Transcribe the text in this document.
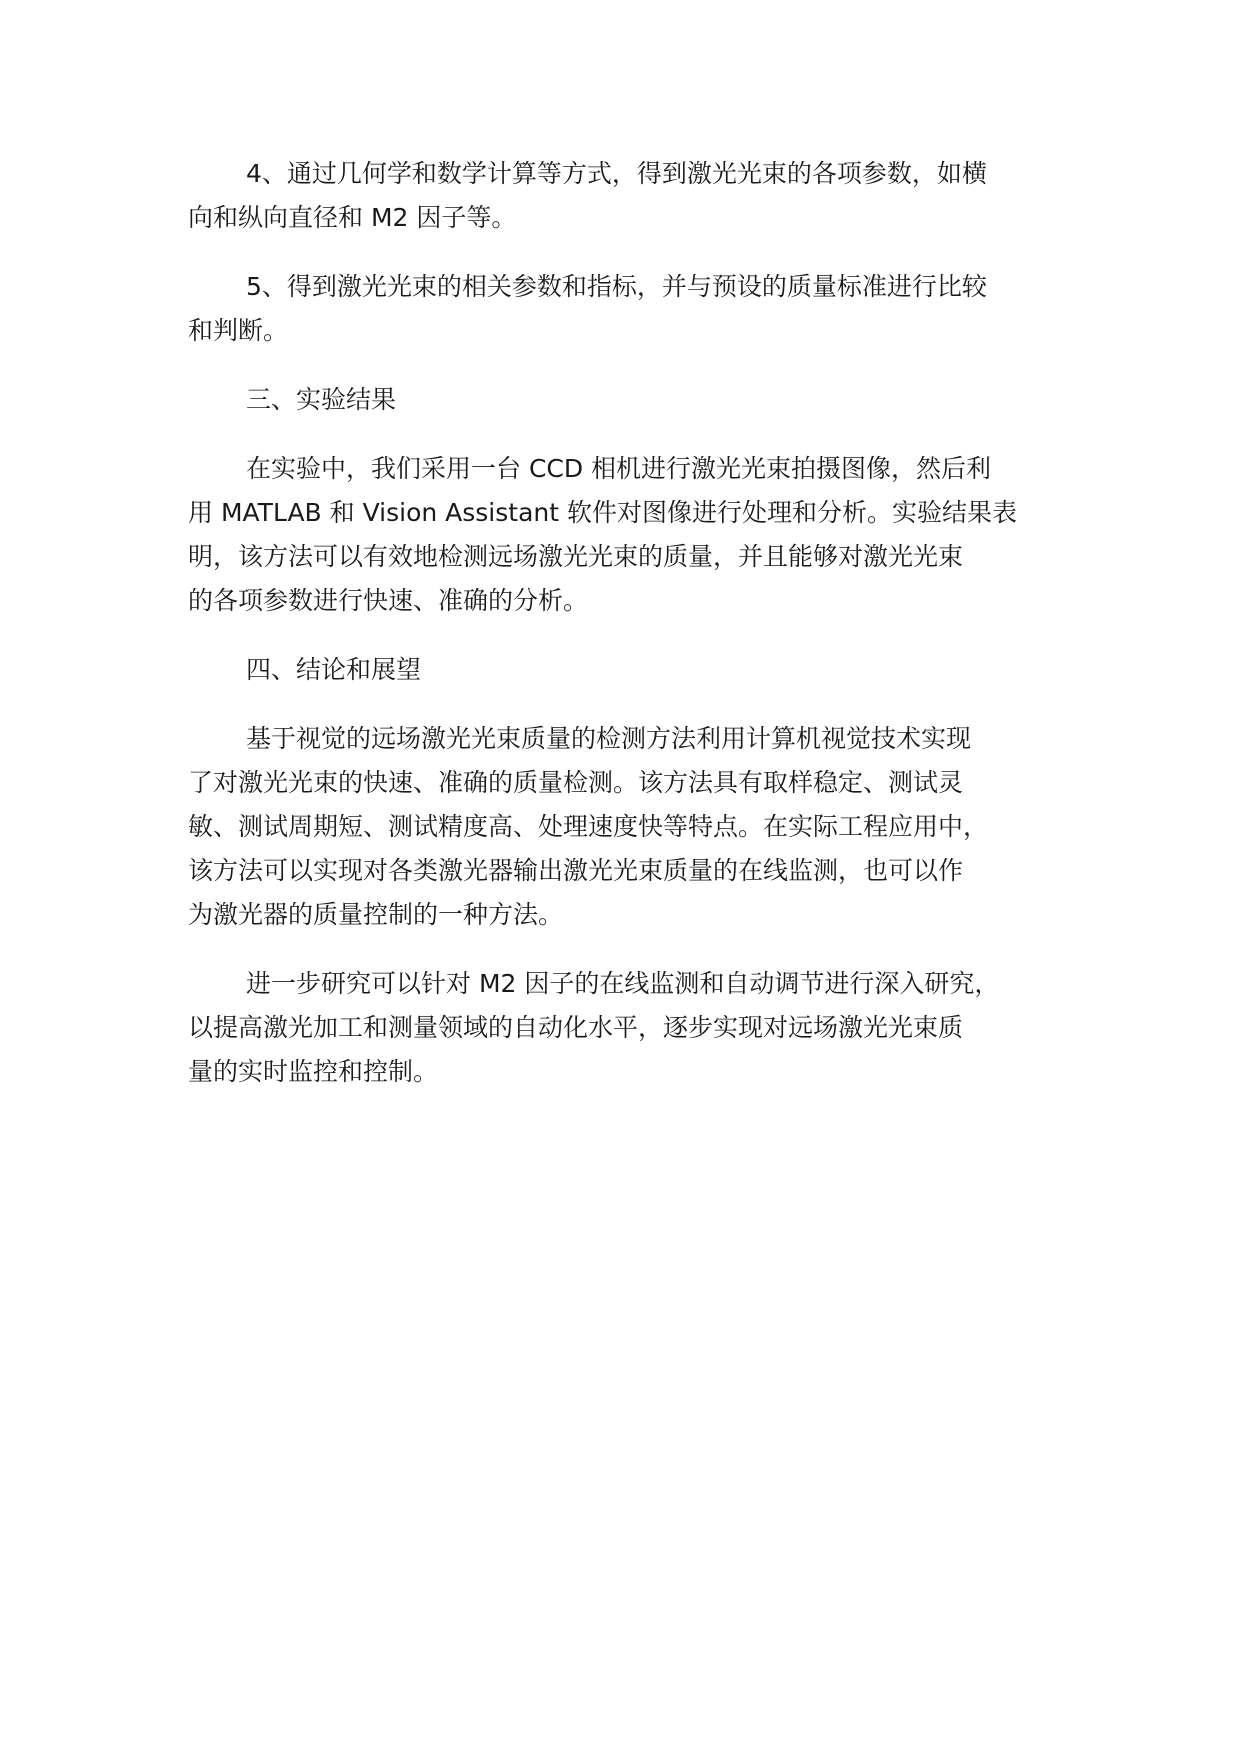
4、通过几何学和数学计算等方式，得到激光光束的各项参数，如横
向和纵向直径和 M2 因子等。

5、得到激光光束的相关参数和指标，并与预设的质量标准进行比较
和判断。

三、实验结果

在实验中，我们采用一台 CCD 相机进行激光光束拍摄图像，然后利
用 MATLAB 和 Vision Assistant 软件对图像进行处理和分析。实验结果表
明，该方法可以有效地检测远场激光光束的质量，并且能够对激光光束
的各项参数进行快速、准确的分析。

四、结论和展望

基于视觉的远场激光光束质量的检测方法利用计算机视觉技术实现
了对激光光束的快速、准确的质量检测。该方法具有取样稳定、测试灵
敏、测试周期短、测试精度高、处理速度快等特点。在实际工程应用中，
该方法可以实现对各类激光器输出激光光束质量的在线监测，也可以作
为激光器的质量控制的一种方法。

进一步研究可以针对 M2 因子的在线监测和自动调节进行深入研究，
以提高激光加工和测量领域的自动化水平，逐步实现对远场激光光束质
量的实时监控和控制。
